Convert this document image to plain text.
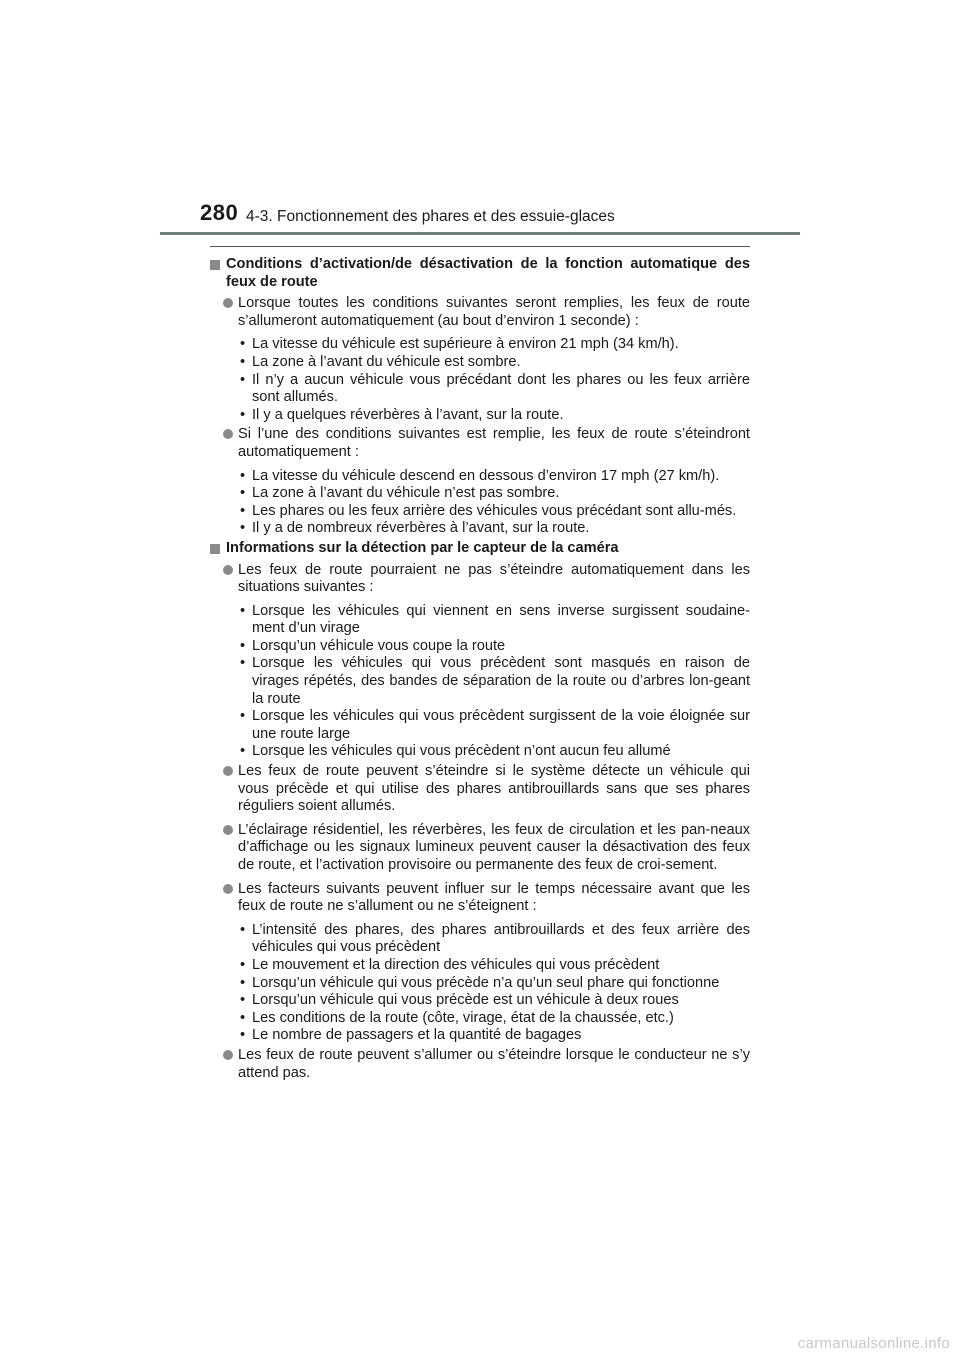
280 4-3. Fonctionnement des phares et des essuie-glaces
Conditions d’activation/de désactivation de la fonction automatique des feux de route
Lorsque toutes les conditions suivantes seront remplies, les feux de route s’allumeront automatiquement (au bout d’environ 1 seconde) :
• La vitesse du véhicule est supérieure à environ 21 mph (34 km/h).
• La zone à l’avant du véhicule est sombre.
• Il n’y a aucun véhicule vous précédant dont les phares ou les feux arrière sont allumés.
• Il y a quelques réverbères à l’avant, sur la route.
Si l’une des conditions suivantes est remplie, les feux de route s’éteindront automatiquement :
• La vitesse du véhicule descend en dessous d’environ 17 mph (27 km/h).
• La zone à l’avant du véhicule n’est pas sombre.
• Les phares ou les feux arrière des véhicules vous précédant sont allu-més.
• Il y a de nombreux réverbères à l’avant, sur la route.
Informations sur la détection par le capteur de la caméra
Les feux de route pourraient ne pas s’éteindre automatiquement dans les situations suivantes :
• Lorsque les véhicules qui viennent en sens inverse surgissent soudaine-ment d’un virage
• Lorsqu’un véhicule vous coupe la route
• Lorsque les véhicules qui vous précèdent sont masqués en raison de virages répétés, des bandes de séparation de la route ou d’arbres lon-geant la route
• Lorsque les véhicules qui vous précèdent surgissent de la voie éloignée sur une route large
• Lorsque les véhicules qui vous précèdent n’ont aucun feu allumé
Les feux de route peuvent s’éteindre si le système détecte un véhicule qui vous précède et qui utilise des phares antibrouillards sans que ses phares réguliers soient allumés.
L’éclairage résidentiel, les réverbères, les feux de circulation et les pan-neaux d’affichage ou les signaux lumineux peuvent causer la désactivation des feux de route, et l’activation provisoire ou permanente des feux de croi-sement.
Les facteurs suivants peuvent influer sur le temps nécessaire avant que les feux de route ne s’allument ou ne s’éteignent :
• L’intensité des phares, des phares antibrouillards et des feux arrière des véhicules qui vous précèdent
• Le mouvement et la direction des véhicules qui vous précèdent
• Lorsqu’un véhicule qui vous précède n’a qu’un seul phare qui fonctionne
• Lorsqu’un véhicule qui vous précède est un véhicule à deux roues
• Les conditions de la route (côte, virage, état de la chaussée, etc.)
• Le nombre de passagers et la quantité de bagages
Les feux de route peuvent s’allumer ou s’éteindre lorsque le conducteur ne s’y attend pas.
carmanualsonline.info
